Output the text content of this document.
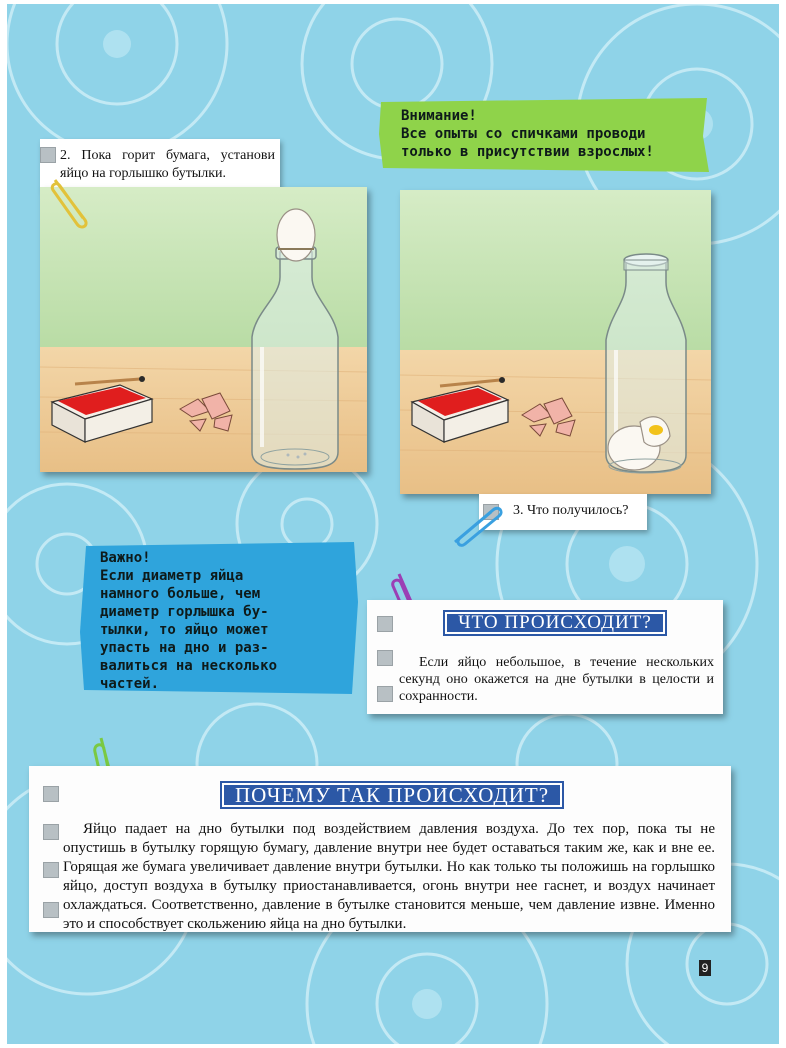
2. Пока горит бумага, установи яйцо на горлышко бутылки.
Внимание!
Все опыты со спичками проводи
только в присутствии взрослых!
3. Что получилось?
Важно!
Если диаметр яйца
намного больше, чем
диаметр горлышка бу-
тылки, то яйцо может
упасть на дно и раз-
валиться на несколько
частей.
ЧТО ПРОИСХОДИТ?
Если яйцо небольшое, в течение нескольких секунд оно окажется на дне бутылки в целости и сохранности.
ПОЧЕМУ ТАК ПРОИСХОДИТ?
Яйцо падает на дно бутылки под воздействием давления воздуха. До тех пор, пока ты не опустишь в бутылку горящую бумагу, давление внутри нее будет оставаться таким же, как и вне ее. Горящая же бумага увеличивает давление внутри бутылки. Но как только ты положишь на горлышко яйцо, доступ воздуха в бутылку приостанавливается, огонь внутри нее гаснет, и воздух начинает охлаждаться. Соответственно, давление в бутылке становится меньше, чем давление извне. Именно это и способствует скольжению яйца на дно бутылки.
9
